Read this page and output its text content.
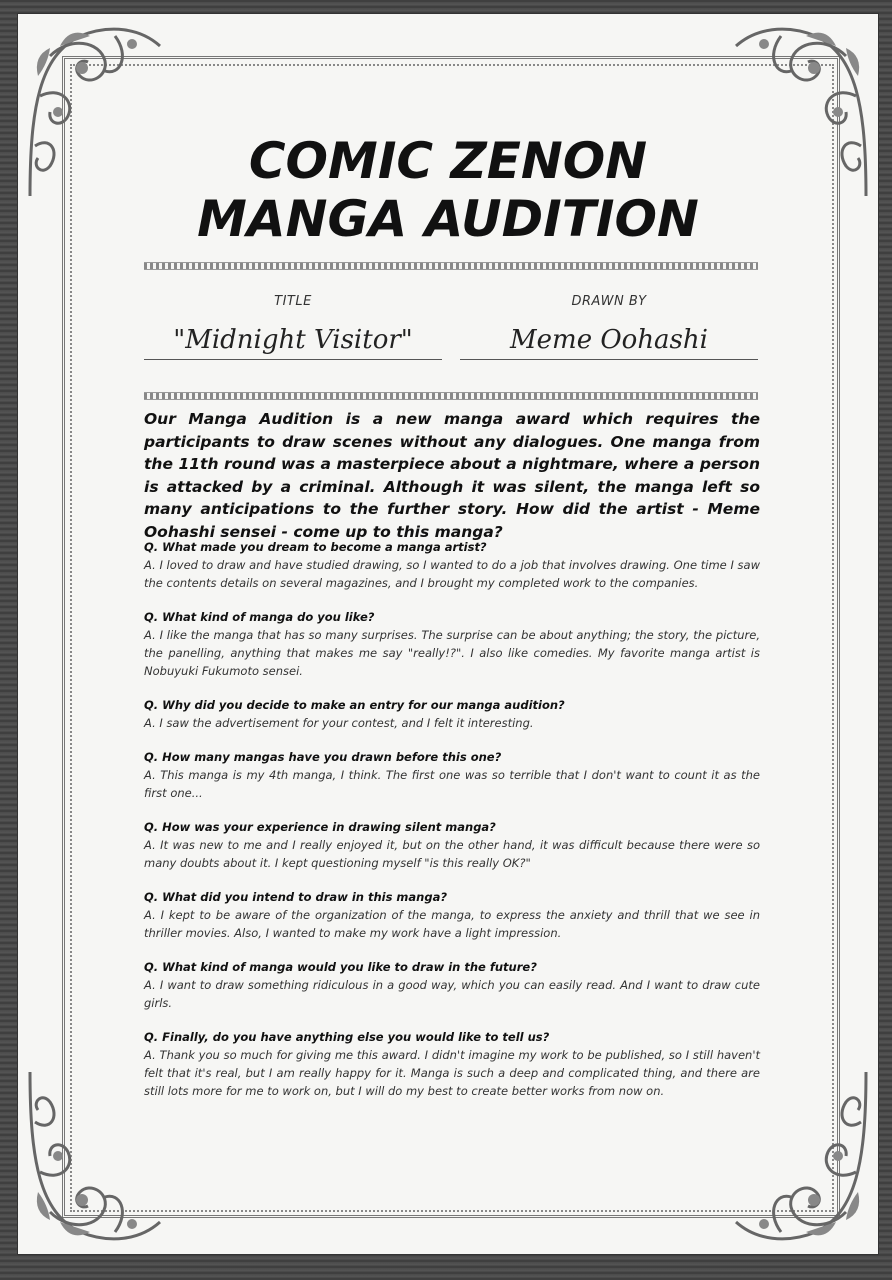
COMIC ZENON
MANGA AUDITION
TITLE
"Midnight Visitor"
DRAWN BY
Meme Oohashi
Our Manga Audition is a new manga award which requires the participants to draw scenes without any dialogues. One manga from the 11th round was a masterpiece about a nightmare, where a person is attacked by a criminal. Although it was silent, the manga left so many anticipations to the further story. How did the artist - Meme Oohashi sensei - come up to this manga?
Q. What made you dream to become a manga artist?
A. I loved to draw and have studied drawing, so I wanted to do a job that involves drawing. One time I saw the contents details on several magazines, and I brought my completed work to the companies.
Q. What kind of manga do you like?
A. I like the manga that has so many surprises. The surprise can be about anything; the story, the picture, the panelling, anything that makes me say "really!?". I also like comedies. My favorite manga artist is Nobuyuki Fukumoto sensei.
Q. Why did you decide to make an entry for our manga audition?
A. I saw the advertisement for your contest, and I felt it interesting.
Q. How many mangas have you drawn before this one?
A. This manga is my 4th manga, I think. The first one was so terrible that I don't want to count it as the first one...
Q. How was your experience in drawing silent manga?
A. It was new to me and I really enjoyed it, but on the other hand, it was difficult because there were so many doubts about it. I kept questioning myself "is this really OK?"
Q. What did you intend to draw in this manga?
A. I kept to be aware of the organization of the manga, to express the anxiety and thrill that we see in thriller movies. Also, I wanted to make my work have a light impression.
Q. What kind of manga would you like to draw in the future?
A. I want to draw something ridiculous in a good way, which you can easily read. And I want to draw cute girls.
Q. Finally, do you have anything else you would like to tell us?
A. Thank you so much for giving me this award. I didn't imagine my work to be published, so I still haven't felt that it's real, but I am really happy for it. Manga is such a deep and complicated thing, and there are still lots more for me to work on, but I will do my best to create better works from now on.
